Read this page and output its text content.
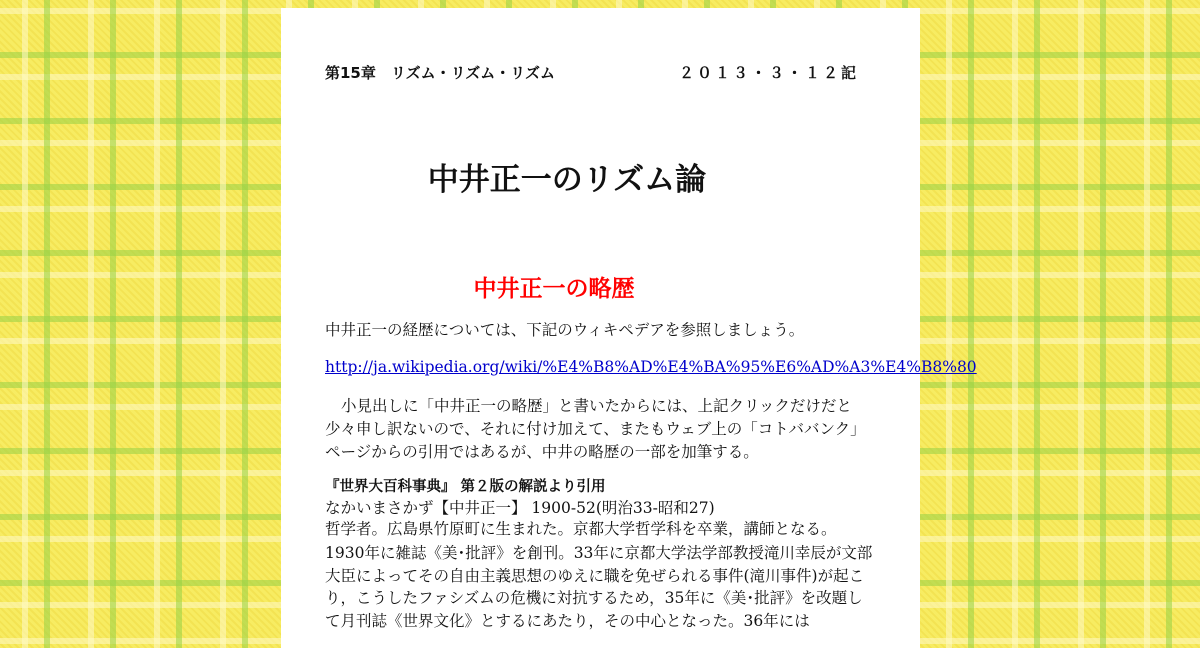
第15章　リズム・リズム・リズム	２０１３・３・１２記
中井正一のリズム論
中井正一の略歴

中井正一の経歴については、下記のウィキペデアを参照しましょう。

http://ja.wikipedia.org/wiki/%E4%B8%AD%E4%BA%95%E6%AD%A3%E4%B8%80

小見出しに「中井正一の略歴」と書いたからには、上記クリックだけだと少々申し訳ないので、それに付け加えて、またもウェブ上の「コトババンク」ページからの引用ではあるが、中井の略歴の一部を加筆する。

『世界大百科事典』 第２版の解説より引用
なかいまさかず【中井正一】 1900-52(明治33-昭和27)
哲学者。広島県竹原町に生まれた。京都大学哲学科を卒業，講師となる。
1930年に雑誌《美･批評》を創刊。33年に京都大学法学部教授滝川幸辰が文部大臣によってその自由主義思想のゆえに職を免ぜられる事件(滝川事件)が起こり，こうしたファシズムの危機に対抗するため，35年に《美･批評》を改題して月刊誌《世界文化》とするにあたり，その中心となった。36年には
